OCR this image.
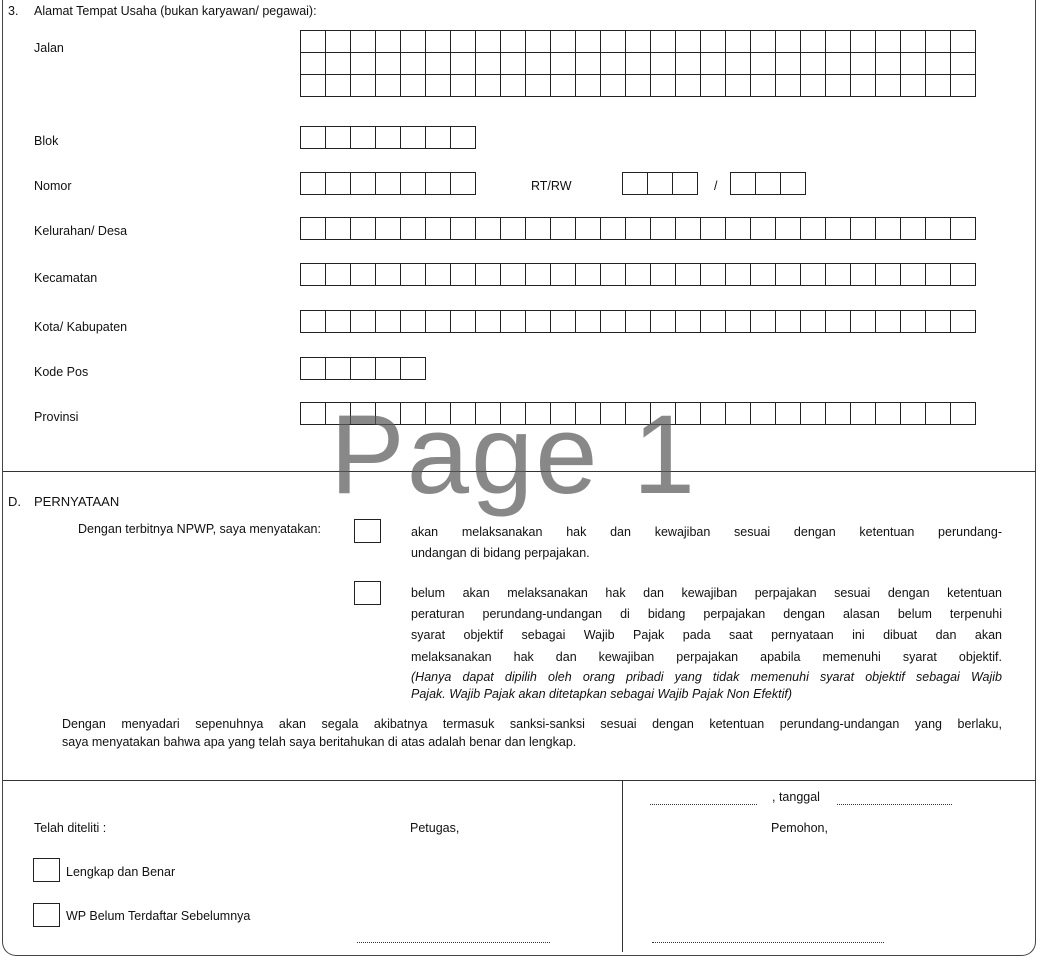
3. Alamat Tempat Usaha (bukan karyawan/ pegawai):
Jalan
Blok
Nomor	RT/RW	/
Kelurahan/ Desa
Kecamatan
Kota/ Kabupaten
Kode Pos
Provinsi
D. PERNYATAAN
Dengan terbitnya NPWP, saya menyatakan:	akan melaksanakan hak dan kewajiban sesuai dengan ketentuan perundang-
undangan di bidang perpajakan.
belum akan melaksanakan hak dan kewajiban perpajakan sesuai dengan ketentuan
peraturan perundang-undangan di bidang perpajakan dengan alasan belum terpenuhi
syarat objektif sebagai Wajib Pajak pada saat pernyataan ini dibuat dan akan
melaksanakan hak dan kewajiban perpajakan apabila memenuhi syarat objektif.
(Hanya dapat dipilih oleh orang pribadi yang tidak memenuhi syarat objektif sebagai Wajib
Pajak. Wajib Pajak akan ditetapkan sebagai Wajib Pajak Non Efektif)
Dengan menyadari sepenuhnya akan segala akibatnya termasuk sanksi-sanksi sesuai dengan ketentuan perundang-undangan yang berlaku,
saya menyatakan bahwa apa yang telah saya beritahukan di atas adalah benar dan lengkap.
, tanggal
Telah diteliti :	Petugas,	Pemohon,
Lengkap dan Benar
WP Belum Terdaftar Sebelumnya
Page 1
